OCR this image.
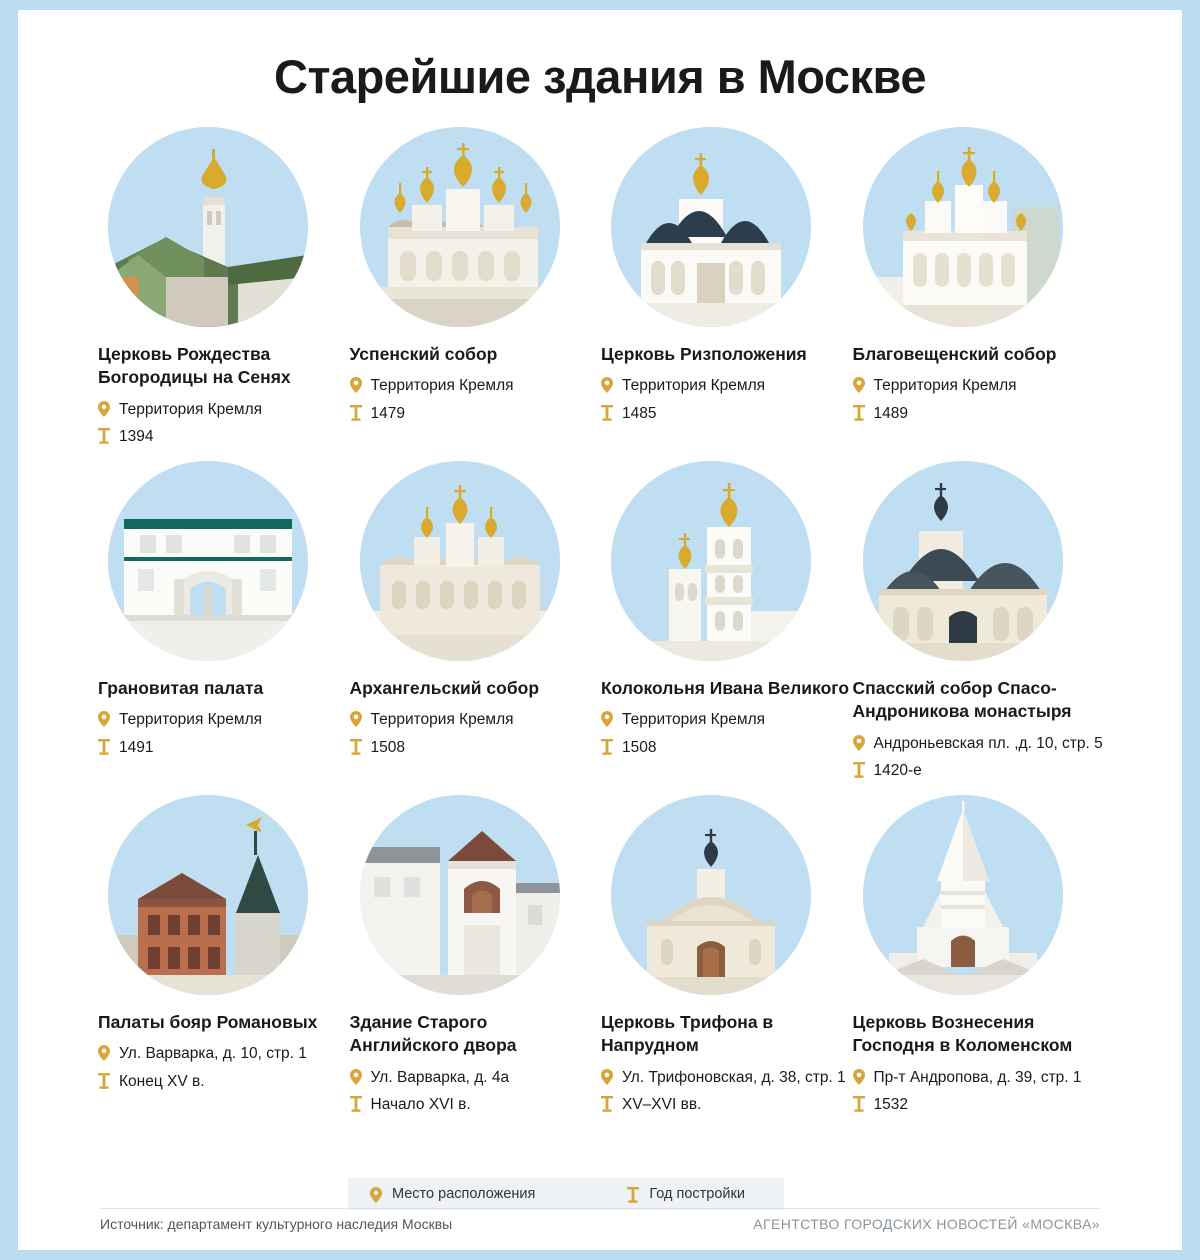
Старейшие здания в Москве
Церковь Рождества Богородицы на Сенях
Территория Кремля
1394
Успенский собор
Территория Кремля
1479
Церковь Ризположения
Территория Кремля
1485
Благовещенский собор
Территория Кремля
1489
Грановитая палата
Территория Кремля
1491
Архангельский собор
Территория Кремля
1508
Колокольня Ивана Великого
Территория Кремля
1508
Спасский собор Спасо-Андроникова монастыря
Андроньевская пл. ,д. 10, стр. 5
1420-е
Палаты бояр Романовых
Ул. Варварка, д. 10, стр. 1
Конец XV в.
Здание Старого Английского двора
Ул. Варварка, д. 4а
Начало XVI в.
Церковь Трифона в Напрудном
Ул. Трифоновская, д. 38, стр. 1
XV–XVI вв.
Церковь Вознесения Господня в Коломенском
Пр-т Андропова, д. 39, стр. 1
1532
Место расположения	Год постройки
Источник: департамент культурного наследия Москвы	АГЕНТСТВО ГОРОДСКИХ НОВОСТЕЙ «МОСКВА»
